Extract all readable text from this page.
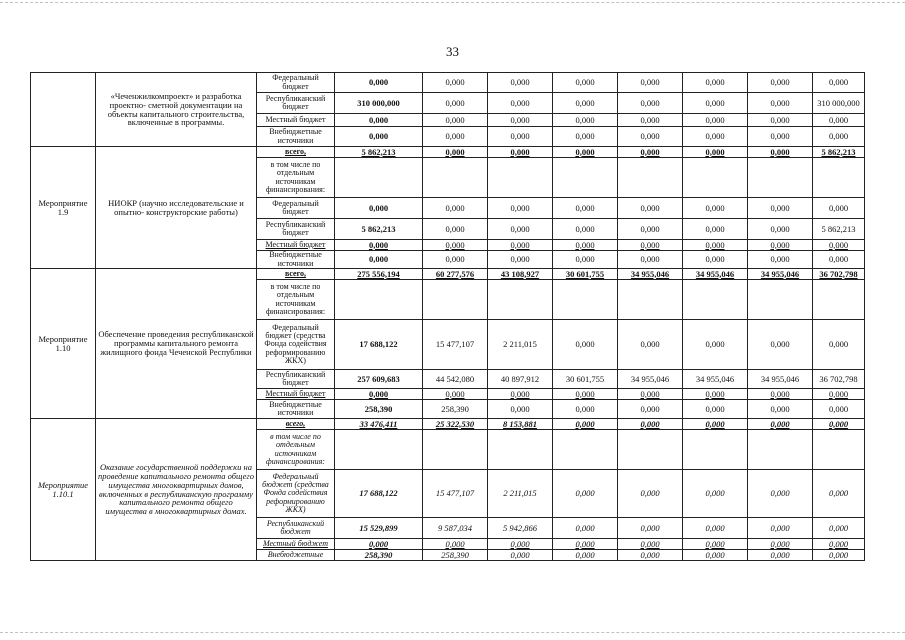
33
	«Чеченжилкомпроект» и разработка проектно- сметной документации на объекты капитального строительства, включенные в программы.	Федеральный бюджет	0,000	0,000	0,000	0,000	0,000	0,000	0,000	0,000
		Республиканский бюджет	310 000,000	0,000	0,000	0,000	0,000	0,000	0,000	310 000,000
		Местный бюджет	0,000	0,000	0,000	0,000	0,000	0,000	0,000	0,000
		Внебюджетные источники	0,000	0,000	0,000	0,000	0,000	0,000	0,000	0,000
Мероприятие 1.9	НИОКР (научно исследовательские и опытно- конструкторские работы)	всего,	5 862,213	0,000	0,000	0,000	0,000	0,000	0,000	5 862,213
		в том числе по отдельным источникам финансирования:								
		Федеральный бюджет	0,000	0,000	0,000	0,000	0,000	0,000	0,000	0,000
		Республиканский бюджет	5 862,213	0,000	0,000	0,000	0,000	0,000	0,000	5 862,213
		Местный бюджет	0,000	0,000	0,000	0,000	0,000	0,000	0,000	0,000
		Внебюджетные источники	0,000	0,000	0,000	0,000	0,000	0,000	0,000	0,000
Мероприятие 1.10	Обеспечение проведения республиканской программы капитального ремонта жилищного фонда Чеченской Республики	всего,	275 556,194	60 277,576	43 108,927	30 601,755	34 955,046	34 955,046	34 955,046	36 702,798
		в том числе по отдельным источникам финансирования:								
		Федеральный бюджет (средства Фонда содействия реформированию ЖКХ)	17 688,122	15 477,107	2 211,015	0,000	0,000	0,000	0,000	0,000
		Республиканский бюджет	257 609,683	44 542,080	40 897,912	30 601,755	34 955,046	34 955,046	34 955,046	36 702,798
		Местный бюджет	0,000	0,000	0,000	0,000	0,000	0,000	0,000	0,000
		Внебюджетные источники	258,390	258,390	0,000	0,000	0,000	0,000	0,000	0,000
Мероприятие 1.10.1	Оказание государственной поддержки на проведение капитального ремонта общего имущества многоквартирных домов, включенных в республиканскую программу капитального ремонта общего имущества в многоквартирных домах.	всего,	33 476,411	25 322,530	8 153,881	0,000	0,000	0,000	0,000	0,000
		в том числе по отдельным источникам финансирования:								
		Федеральный бюджет (средства Фонда содействия реформированию ЖКХ)	17 688,122	15 477,107	2 211,015	0,000	0,000	0,000	0,000	0,000
		Республиканский бюджет	15 529,899	9 587,034	5 942,866	0,000	0,000	0,000	0,000	0,000
		Местный бюджет	0,000	0,000	0,000	0,000	0,000	0,000	0,000	0,000
		Внебюджетные	258,390	258,390	0,000	0,000	0,000	0,000	0,000	0,000
